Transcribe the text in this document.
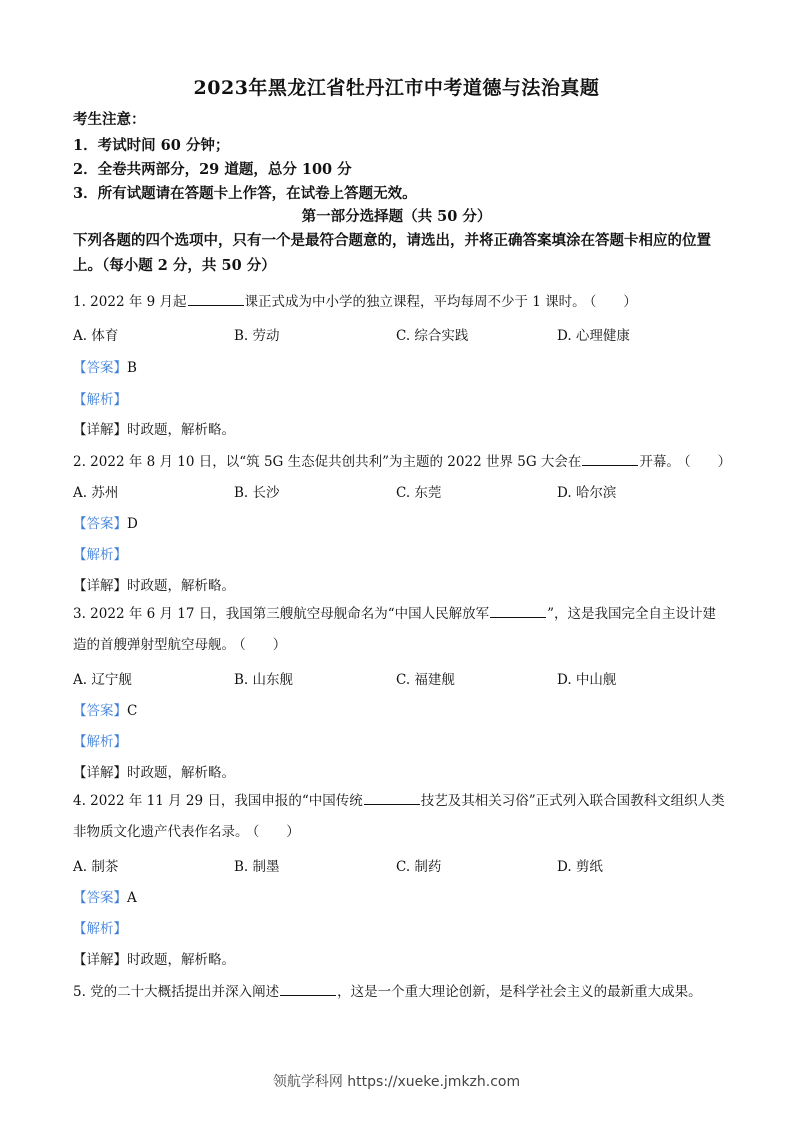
2023年黑龙江省牡丹江市中考道德与法治真题
考生注意：
1．考试时间 60 分钟；
2．全卷共两部分，29 道题，总分 100 分
3．所有试题请在答题卡上作答，在试卷上答题无效。
第一部分选择题（共 50 分）
下列各题的四个选项中，只有一个是最符合题意的，请选出，并将正确答案填涂在答题卡相应的位置上。（每小题 2 分，共 50 分）
1. 2022 年 9 月起	课正式成为中小学的独立课程，平均每周不少于 1 课时。 （　　）
A. 体育	B. 劳动	C. 综合实践	D. 心理健康
【答案】B
【解析】
【详解】时政题，解析略。
2. 2022 年 8 月 10 日，以“筑 5G 生态促共创共利”为主题的 2022 世界 5G 大会在	开幕。 （　　）
A. 苏州	B. 长沙	C. 东莞	D. 哈尔滨
【答案】D
【解析】
【详解】时政题，解析略。
3. 2022 年 6 月 17 日，我国第三艘航空母舰命名为“中国人民解放军	”，这是我国完全自主设计建造的首艘弹射型航空母舰。 （　　）
A. 辽宁舰	B. 山东舰	C. 福建舰	D. 中山舰
【答案】C
【解析】
【详解】时政题，解析略。
4. 2022 年 11 月 29 日，我国申报的“中国传统	技艺及其相关习俗”正式列入联合国教科文组织人类非物质文化遗产代表作名录。 （　　）
A. 制茶	B. 制墨	C. 制药	D. 剪纸
【答案】A
【解析】
【详解】时政题，解析略。
5. 党的二十大概括提出并深入阐述	，这是一个重大理论创新，是科学社会主义的最新重大成果。
领航学科网 https://xueke.jmkzh.com
